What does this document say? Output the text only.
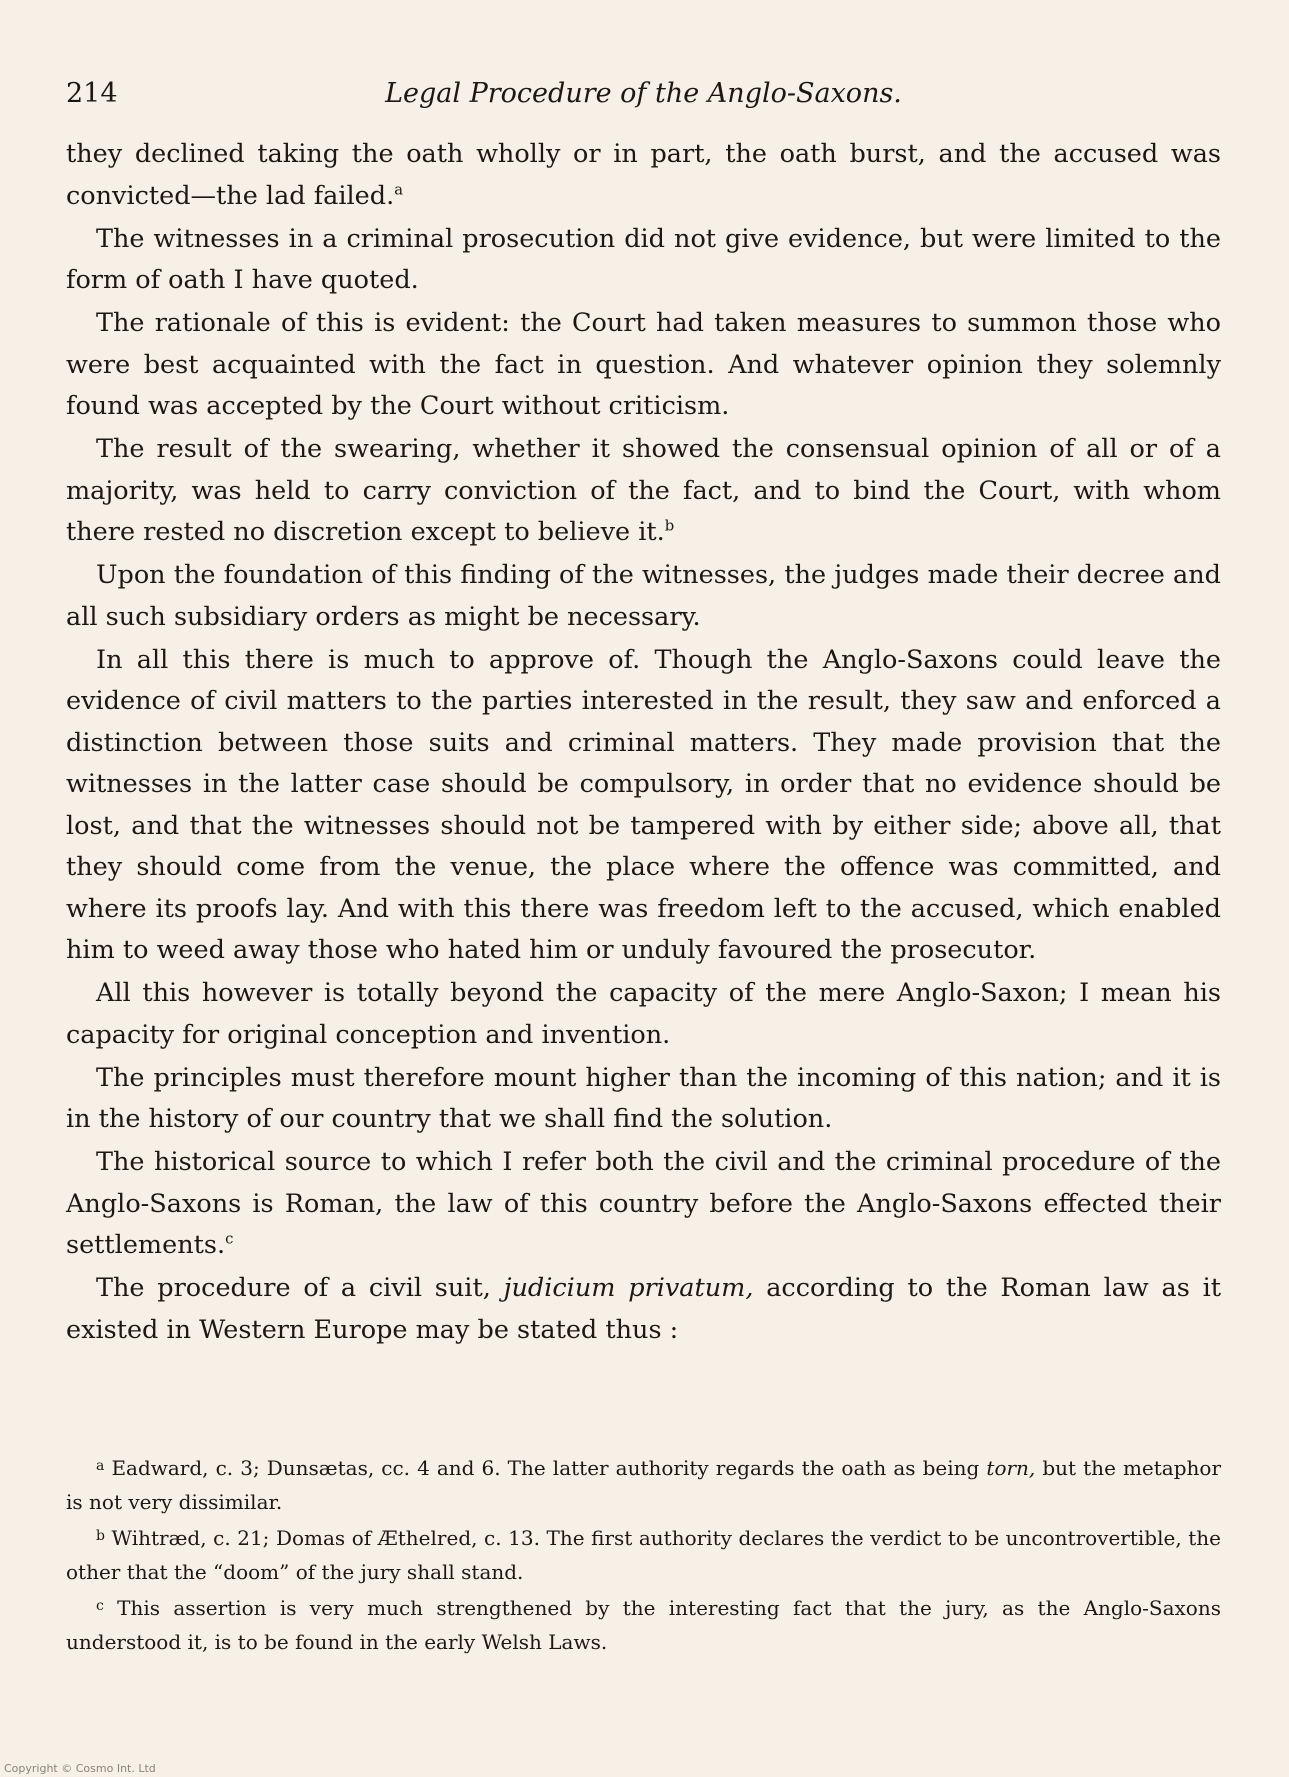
214	Legal Procedure of the Anglo-Saxons.

they declined taking the oath wholly or in part, the oath burst, and the accused was convicted—the lad failed.$^a$

The witnesses in a criminal prosecution did not give evidence, but were limited to the form of oath I have quoted.

The rationale of this is evident: the Court had taken measures to summon those who were best acquainted with the fact in question. And whatever opinion they solemnly found was accepted by the Court without criticism.

The result of the swearing, whether it showed the consensual opinion of all or of a majority, was held to carry conviction of the fact, and to bind the Court, with whom there rested no discretion except to believe it.$^b$

Upon the foundation of this finding of the witnesses, the judges made their decree and all such subsidiary orders as might be necessary.

In all this there is much to approve of. Though the Anglo-Saxons could leave the evidence of civil matters to the parties interested in the result, they saw and enforced a distinction between those suits and criminal matters. They made provision that the witnesses in the latter case should be compulsory, in order that no evidence should be lost, and that the witnesses should not be tampered with by either side; above all, that they should come from the venue, the place where the offence was committed, and where its proofs lay. And with this there was freedom left to the accused, which enabled him to weed away those who hated him or unduly favoured the prosecutor.

All this however is totally beyond the capacity of the mere Anglo-Saxon; I mean his capacity for original conception and invention.

The principles must therefore mount higher than the incoming of this nation; and it is in the history of our country that we shall find the solution.

The historical source to which I refer both the civil and the criminal procedure of the Anglo-Saxons is Roman, the law of this country before the Anglo-Saxons effected their settlements.$^c$

The procedure of a civil suit, judicium privatum, according to the Roman law as it existed in Western Europe may be stated thus :

$^a$ Eadward, c. 3; Dunsætas, cc. 4 and 6. The latter authority regards the oath as being torn, but the metaphor is not very dissimilar.

$^b$ Wihtræd, c. 21; Domas of Æthelred, c. 13. The first authority declares the verdict to be uncontrovertible, the other that the “doom” of the jury shall stand.

$^c$ This assertion is very much strengthened by the interesting fact that the jury, as the Anglo-Saxons understood it, is to be found in the early Welsh Laws.

Copyright © Cosmo Int. Ltd
